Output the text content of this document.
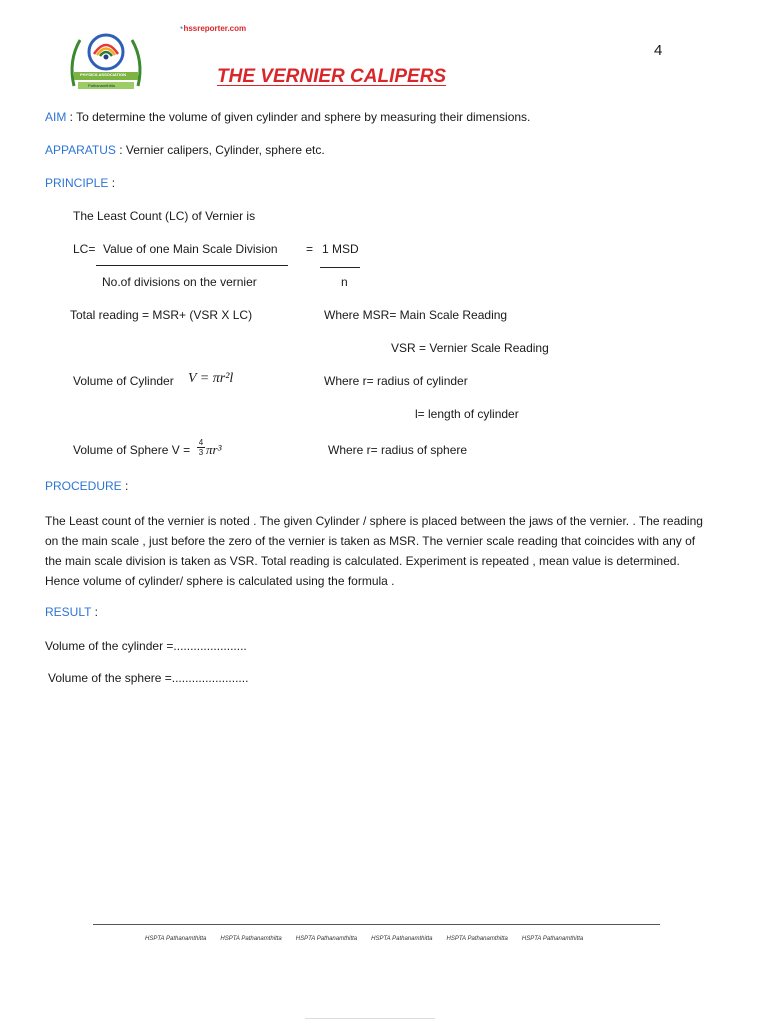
PHYSICS ASSOCIATION
Pathanamthitta
◔hssreporter.com
4
THE VERNIER CALIPERS
AIM : To determine the volume of given cylinder and sphere by measuring their dimensions.
APPARATUS : Vernier calipers, Cylinder, sphere etc.
PRINCIPLE :
The Least Count (LC) of Vernier is
LC= Value of one Main Scale Division = 1 MSD
No.of divisions on the vernier	n
Total reading = MSR+ (VSR X LC)	Where MSR= Main Scale Reading
VSR = Vernier Scale Reading
Volume of Cylinder V = πr²l	Where r= radius of cylinder
l= length of cylinder
Volume of Sphere $V = \frac{4}{3} \pi r^3$	Where r= radius of sphere
PROCEDURE :
The Least count of the vernier is noted . The given Cylinder / sphere is placed between the jaws of the vernier. . The reading on the main scale , just before the zero of the vernier is taken as MSR. The vernier scale reading that coincides with any of the main scale division is taken as VSR. Total reading is calculated. Experiment is repeated , mean value is determined. Hence volume of cylinder/ sphere is calculated using the formula .
RESULT :
Volume of the cylinder =......................
Volume of the sphere =.......................
HSPTA Pathanamthitta HSPTA Pathanamthitta HSPTA Pathanamthitta HSPTA Pathanamthitta HSPTA Pathanamthitta HSPTA Pathanamthitta
